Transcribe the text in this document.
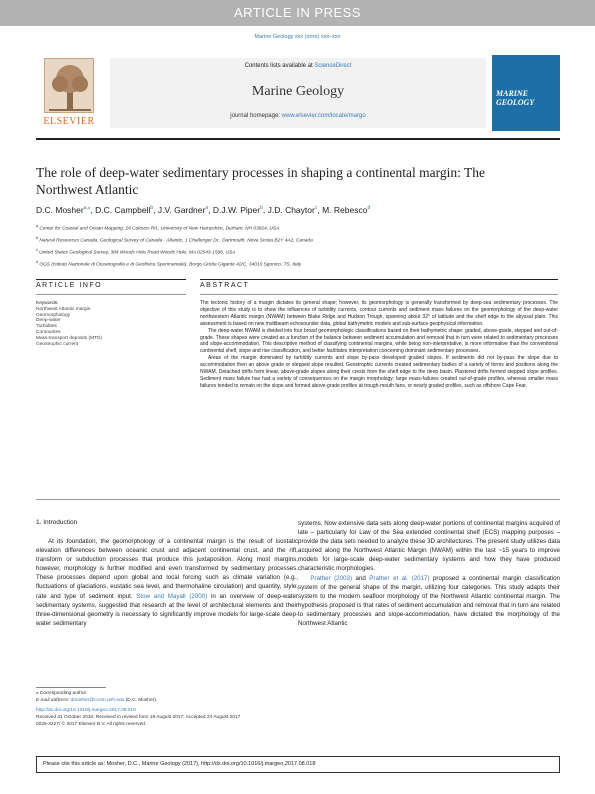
ARTICLE IN PRESS
Marine Geology xxx (xxxx) xxx–xxx
ELSEVIER
Contents lists available at ScienceDirect
Marine Geology
journal homepage: www.elsevier.com/locate/margo
MARINE GEOLOGY
The role of deep-water sedimentary processes in shaping a continental margin: The Northwest Atlantic
D.C. Mosher$^{a,⁎}$, D.C. Campbell$^b$, J.V. Gardner$^a$, D.J.W. Piper$^b$, J.D. Chaytor$^c$, M. Rebesco$^d$
$^a$ Center for Coastal and Ocean Mapping, 24 Colovos Rd., University of New Hampshire, Durham, NH 03824, USA
$^b$ Natural Resources Canada, Geological Survey of Canada - Atlantic, 1 Challenger Dr., Dartmouth, Nova Scotia B2Y 4A2, Canada
$^c$ United States Geological Survey, 384 Woods Hole Road Woods Hole, MA 02543-1598, USA
$^d$ OGS (Istituto Nazionale di Oceanografia e di Geofisica Sperimentale), Borgo Grotta Gigante 42/C, 34010 Sgonico, TS, Italy
ARTICLE INFO	ABSTRACT
Keywords:
Northwest Atlantic margin
Geomorphology
Deep-water
Turbidites
Contourites
Mass-transport deposits (MTD)
Geostrophic current

The tectonic history of a margin dictates its general shape; however, its geomorphology is generally transformed by deep-sea sedimentary processes. The objective of this study is to show the influences of turbidity currents, contour currents and sediment mass failures on the geomorphology of the deep-water northwestern Atlantic margin (NWAM) between Blake Ridge and Hudson Trough, spanning about 32° of latitude and the shelf edge to the abyssal plain. This assessment is based on new multibeam echosounder data, global bathymetric models and sub-surface geophysical information.

The deep-water NWAM is divided into four broad geomorphologic classifications based on their bathymetric shape: graded, above-grade, stepped and out-of-grade. These shapes were created as a function of the balance between sediment accumulation and removal that in turn were related to sedimentary processes and slope-accommodation. This descriptive method of classifying continental margins, while being non-interpretative, is more informative than the conventional continental shelf, slope and rise classification, and better facilitates interpretation concerning dominant sedimentary processes.

Areas of the margin dominated by turbidity currents and slope by-pass developed graded slopes. If sediments did not by-pass the slope due to accommodation then an above grade or stepped slope resulted. Geostrophic currents created sedimentary bodies of a variety of forms and positions along the NWAM. Detached drifts form linear, above-grade slopes along their crests from the shelf edge to the deep basin. Plastered drifts formed stepped slope profiles. Sediment mass failure has had a variety of consequences on the margin morphology; large mass-failures created out-of-grade profiles, whereas smaller mass failures tended to remain on the slope and formed above-grade profiles at trough-mouth fans, or nearly graded profiles, such as offshore Cape Fear.

1. Introduction

At its foundation, the geomorphology of a continental margin is the result of isostatic elevation differences between oceanic crust and adjacent continental crust, and the rift, transform or subduction processes that produce this juxtaposition. Along most margins, however, morphology is further modified and even transformed by sedimentary processes. These processes depend upon global and local forcing such as climate variation (e.g., fluctuations of glaciations, eustatic sea level, and thermohaline circulation) and quantity, style, rate and type of sediment input. Stow and Mayall (2000) in an overview of deep-water sedimentary systems, suggested that research at the level of architectural elements and their three-dimensional geometry is necessary to significantly improve models for large-scale deep-water sedimentary

systems. Now extensive data sets along deep-water portions of continental margins acquired of late – particularly for Law of the Sea extended continental shelf (ECS) mapping purposes – provide the data sets needed to analyze these 3D architectures. The present study utilizes data acquired along the Northwest Atlantic Margin (NWAM) within the last ~15 years to improve models for large-scale deep-water sedimentary systems and how they have produced characteristic morphologies.
  Prather (2003) and Prather et al. (2017) proposed a continental margin classification system of the general shape of the margin, utilizing four categories. This study adapts their system to the modern seafloor morphology of the Northwest Atlantic continental margin. The hypothesis proposed is that rates of sediment accumulation and removal that in turn are related to sedimentary processes and slope-accommodation, have dictated the morphology of the Northwest Atlantic

⁎ Corresponding author.
E-mail address: dmosher@ccom.unh.edu (D.C. Mosher).
http://dx.doi.org/10.1016/j.margeo.2017.08.018
Received 31 October 2016; Received in revised form 19 August 2017; Accepted 24 August 2017
0025-3227/ © 2017 Elsevier B.V. All rights reserved.
Please cite this article as: Mosher, D.C., Marine Geology (2017), http://dx.doi.org/10.1016/j.margeo.2017.08.018
